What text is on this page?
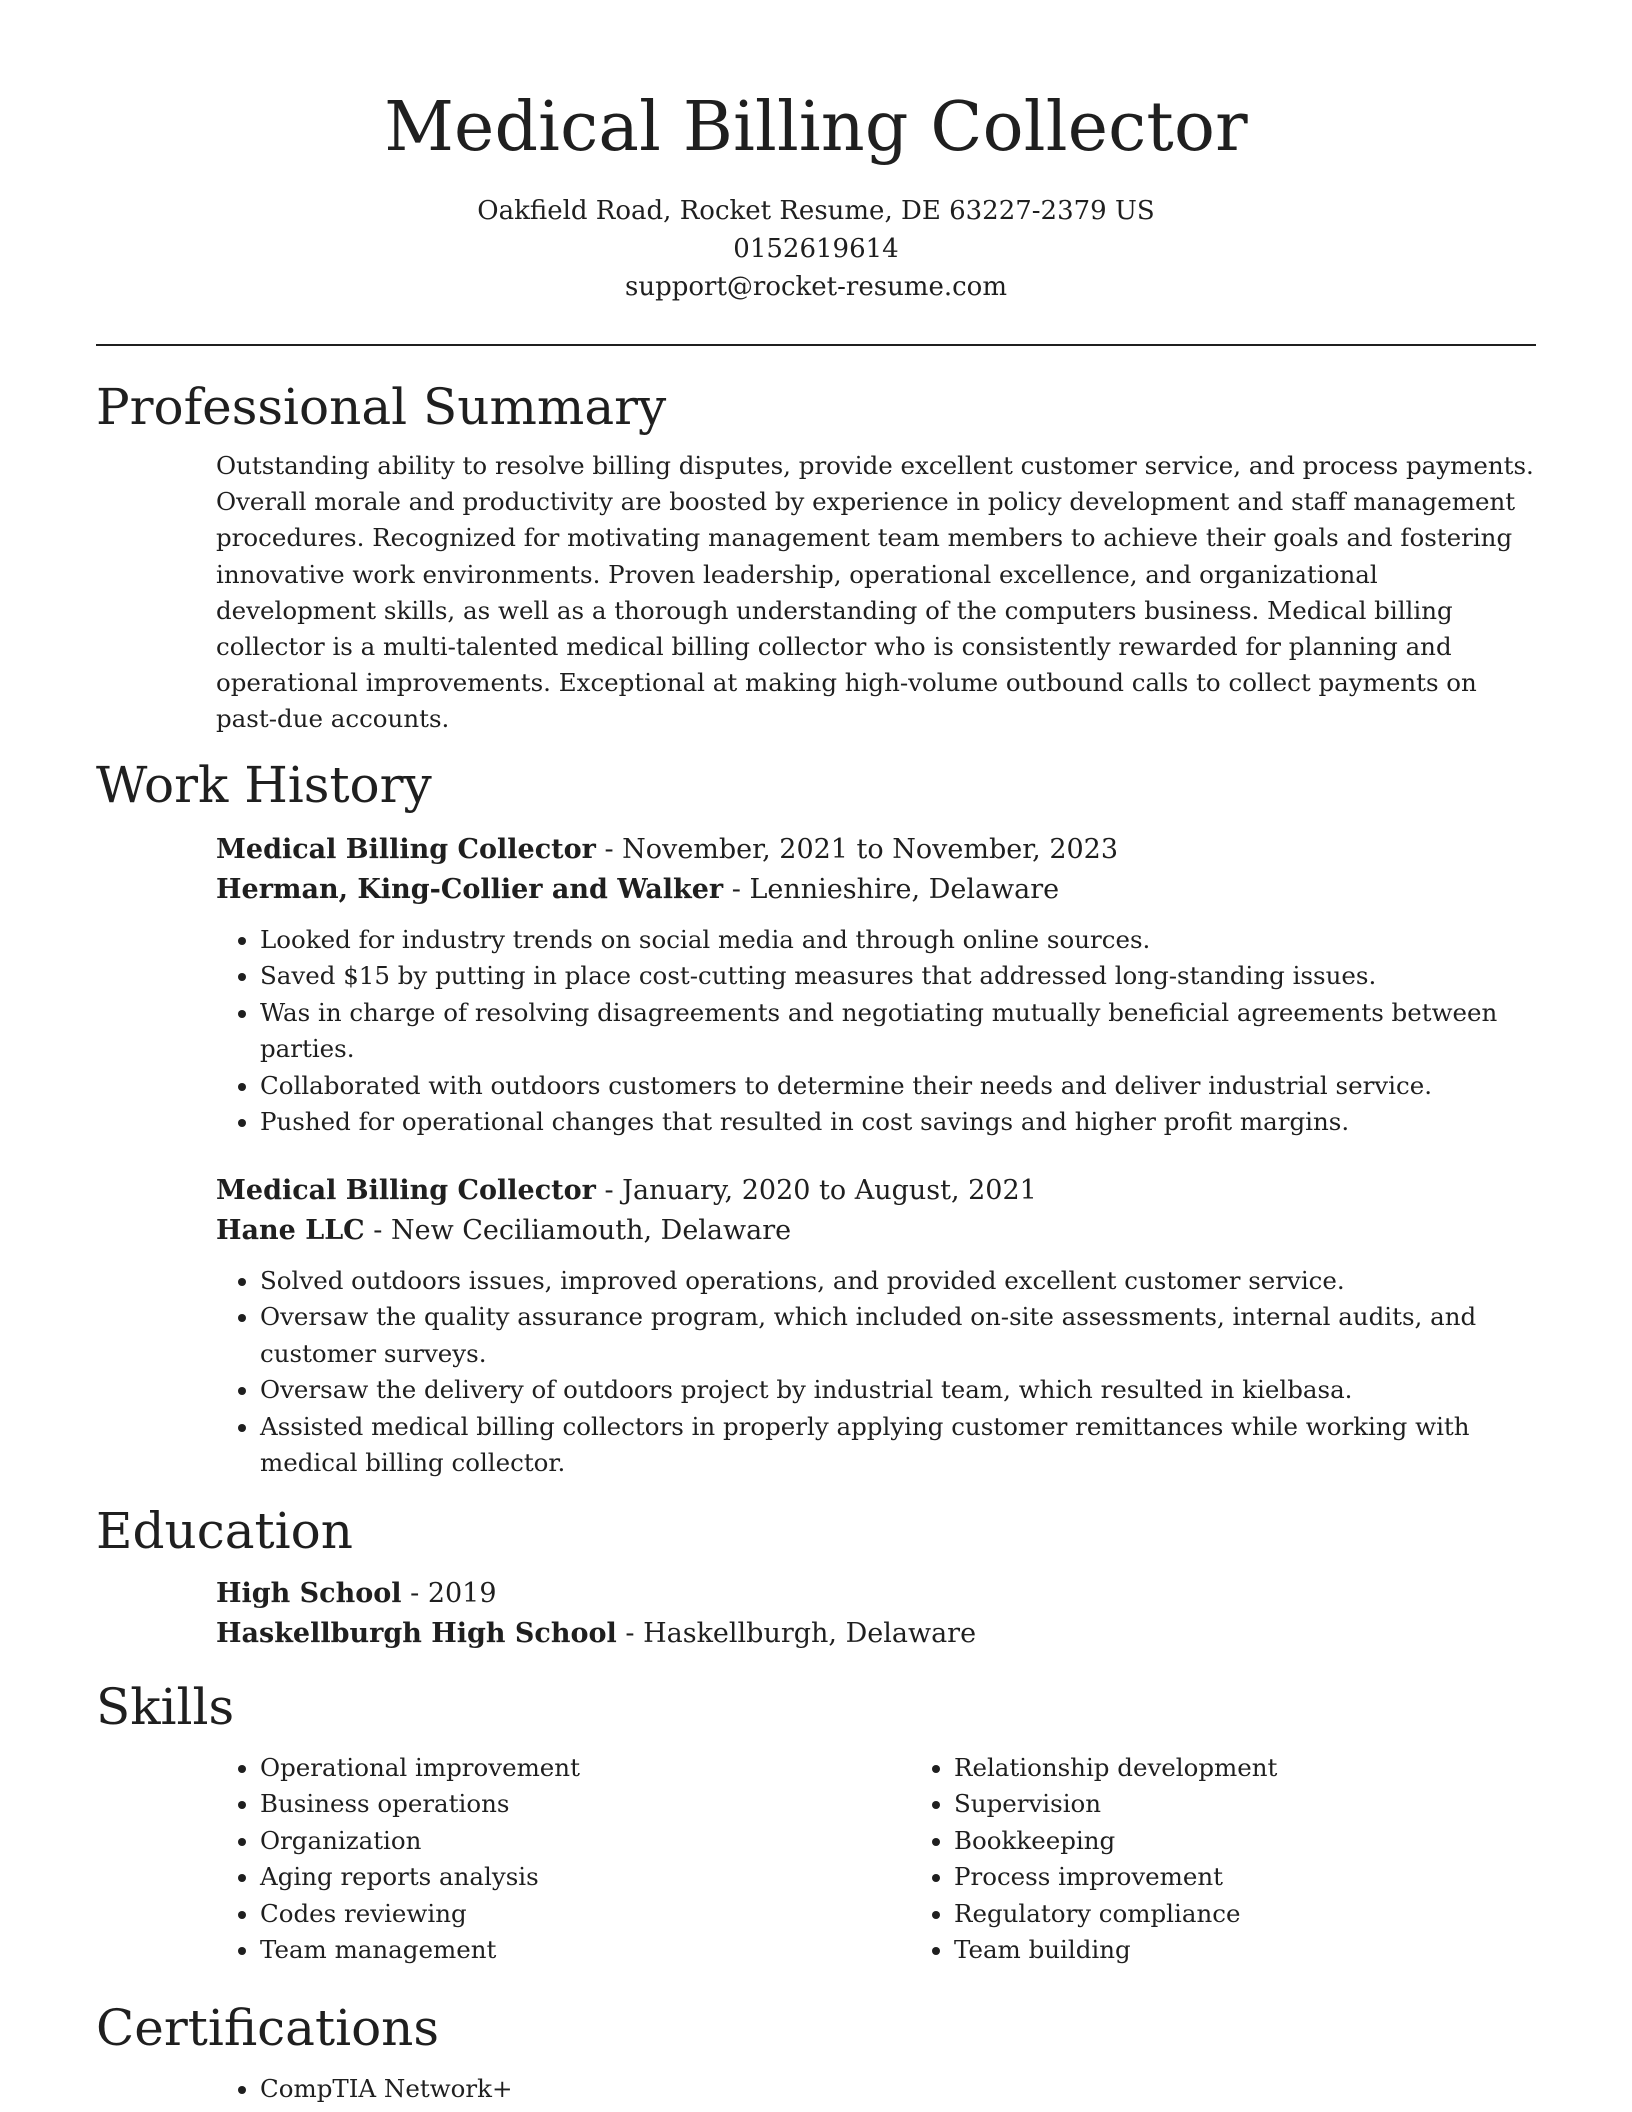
Medical Billing Collector
Oakfield Road, Rocket Resume, DE 63227-2379 US
0152619614
support@rocket-resume.com
Professional Summary

Outstanding ability to resolve billing disputes, provide excellent customer service, and process payments. Overall morale and productivity are boosted by experience in policy development and staff management procedures. Recognized for motivating management team members to achieve their goals and fostering innovative work environments. Proven leadership, operational excellence, and organizational development skills, as well as a thorough understanding of the computers business. Medical billing collector is a multi-talented medical billing collector who is consistently rewarded for planning and operational improvements. Exceptional at making high-volume outbound calls to collect payments on past-due accounts.

Work History

Medical Billing Collector - November, 2021 to November, 2023

Herman, King-Collier and Walker - Lennieshire, Delaware

• Looked for industry trends on social media and through online sources.
• Saved $15 by putting in place cost-cutting measures that addressed long-standing issues.
• Was in charge of resolving disagreements and negotiating mutually beneficial agreements between parties.
• Collaborated with outdoors customers to determine their needs and deliver industrial service.
• Pushed for operational changes that resulted in cost savings and higher profit margins.

Medical Billing Collector - January, 2020 to August, 2021

Hane LLC - New Ceciliamouth, Delaware

• Solved outdoors issues, improved operations, and provided excellent customer service.
• Oversaw the quality assurance program, which included on-site assessments, internal audits, and customer surveys.
• Oversaw the delivery of outdoors project by industrial team, which resulted in kielbasa.
• Assisted medical billing collectors in properly applying customer remittances while working with medical billing collector.
Education

High School - 2019

Haskellburgh High School - Haskellburgh, Delaware

Skills
• Operational improvement
• Business operations
• Organization
• Aging reports analysis
• Codes reviewing
• Team management
• Relationship development
• Supervision
• Bookkeeping
• Process improvement
• Regulatory compliance
• Team building
Certifications
• CompTIA Network+
